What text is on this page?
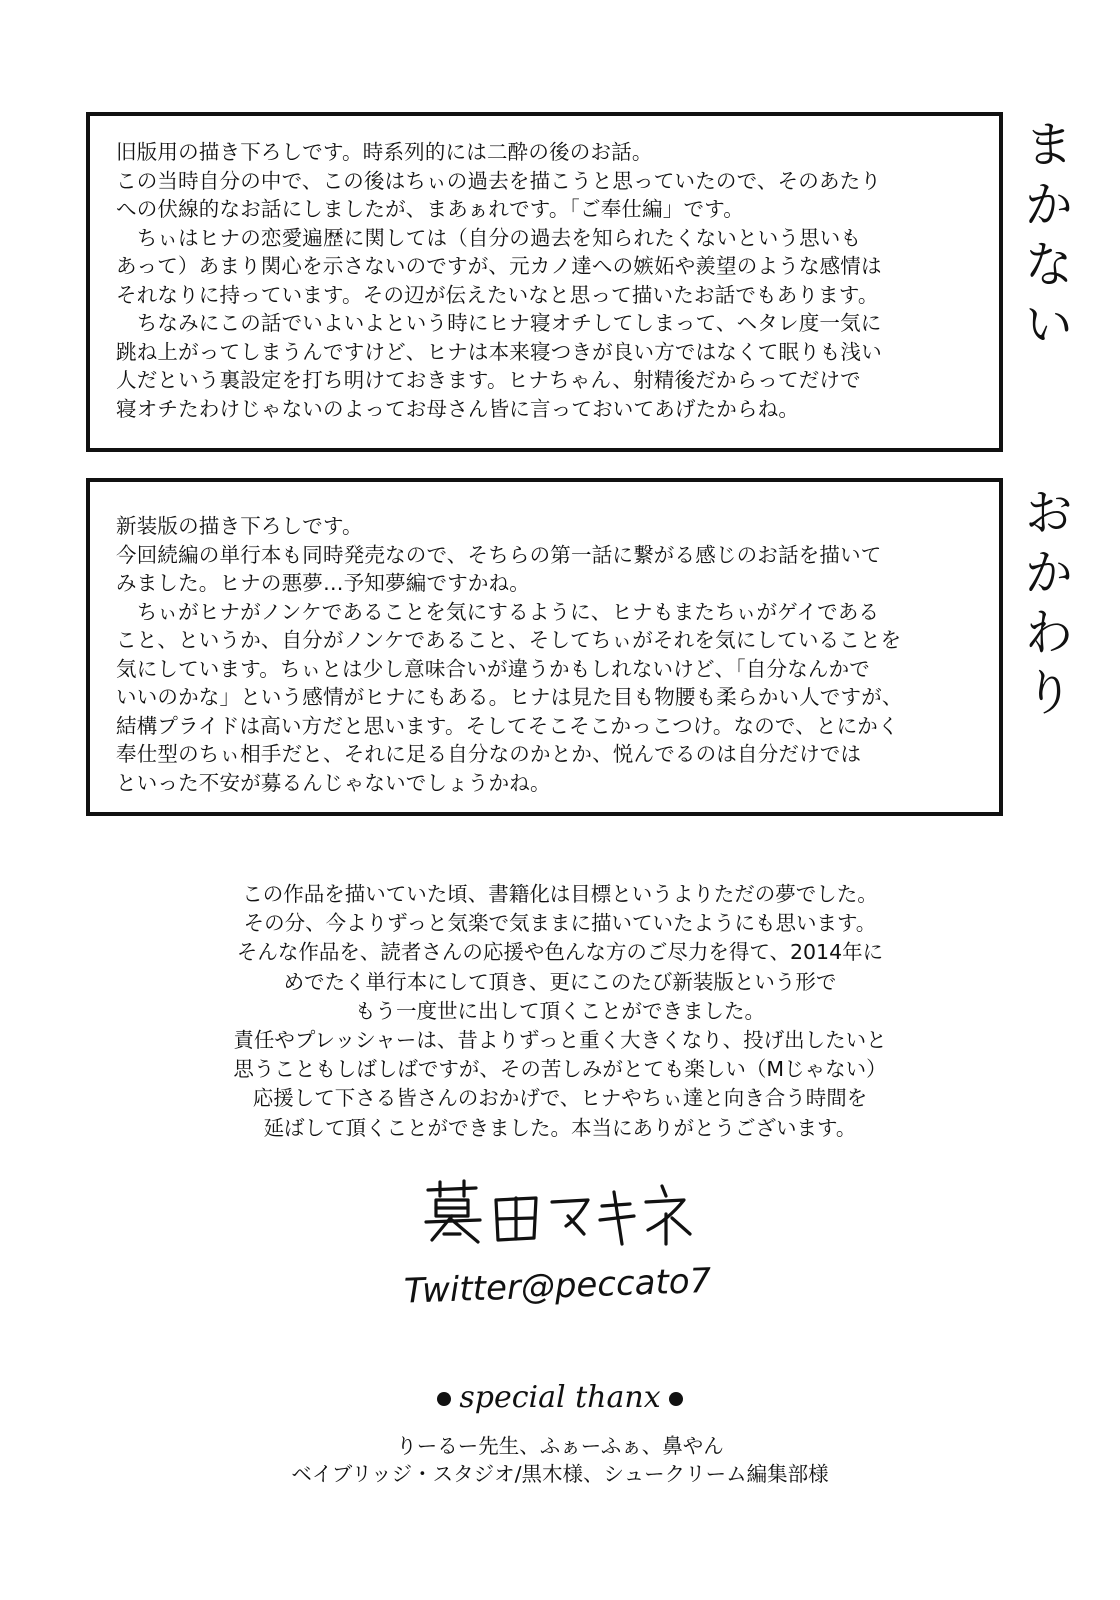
旧版用の描き下ろしです。時系列的には二酔の後のお話。
この当時自分の中で、この後はちぃの過去を描こうと思っていたので、そのあたり
への伏線的なお話にしましたが、まあぁれです。「ご奉仕編」です。
　ちぃはヒナの恋愛遍歴に関しては（自分の過去を知られたくないという思いも
あって）あまり関心を示さないのですが、元カノ達への嫉妬や羨望のような感情は
それなりに持っています。その辺が伝えたいなと思って描いたお話でもあります。
　ちなみにこの話でいよいよという時にヒナ寝オチしてしまって、ヘタレ度一気に
跳ね上がってしまうんですけど、ヒナは本来寝つきが良い方ではなくて眠りも浅い
人だという裏設定を打ち明けておきます。ヒナちゃん、射精後だからってだけで
寝オチたわけじゃないのよってお母さん皆に言っておいてあげたからね。

まかない

新装版の描き下ろしです。
今回続編の単行本も同時発売なので、そちらの第一話に繋がる感じのお話を描いて
みました。ヒナの悪夢…予知夢編ですかね。
　ちぃがヒナがノンケであることを気にするように、ヒナもまたちぃがゲイである
こと、というか、自分がノンケであること、そしてちぃがそれを気にしていることを
気にしています。ちぃとは少し意味合いが違うかもしれないけど、「自分なんかで
いいのかな」という感情がヒナにもある。ヒナは見た目も物腰も柔らかい人ですが、
結構プライドは高い方だと思います。そしてそこそこかっこつけ。なので、とにかく
奉仕型のちぃ相手だと、それに足る自分なのかとか、悦んでるのは自分だけでは
といった不安が募るんじゃないでしょうかね。

おかわり

この作品を描いていた頃、書籍化は目標というよりただの夢でした。
その分、今よりずっと気楽で気ままに描いていたようにも思います。
そんな作品を、読者さんの応援や色んな方のご尽力を得て、2014年に
めでたく単行本にして頂き、更にこのたび新装版という形で
もう一度世に出して頂くことができました。
責任やプレッシャーは、昔よりずっと重く大きくなり、投げ出したいと
思うこともしばしばですが、その苦しみがとても楽しい（Mじゃない）
応援して下さる皆さんのおかげで、ヒナやちぃ達と向き合う時間を
延ばして頂くことができました。本当にありがとうございます。

Twitter@peccato7
special thanx
りーるー先生、ふぁーふぁ、鼻やん
ベイブリッジ・スタジオ/黒木様、シュークリーム編集部様
